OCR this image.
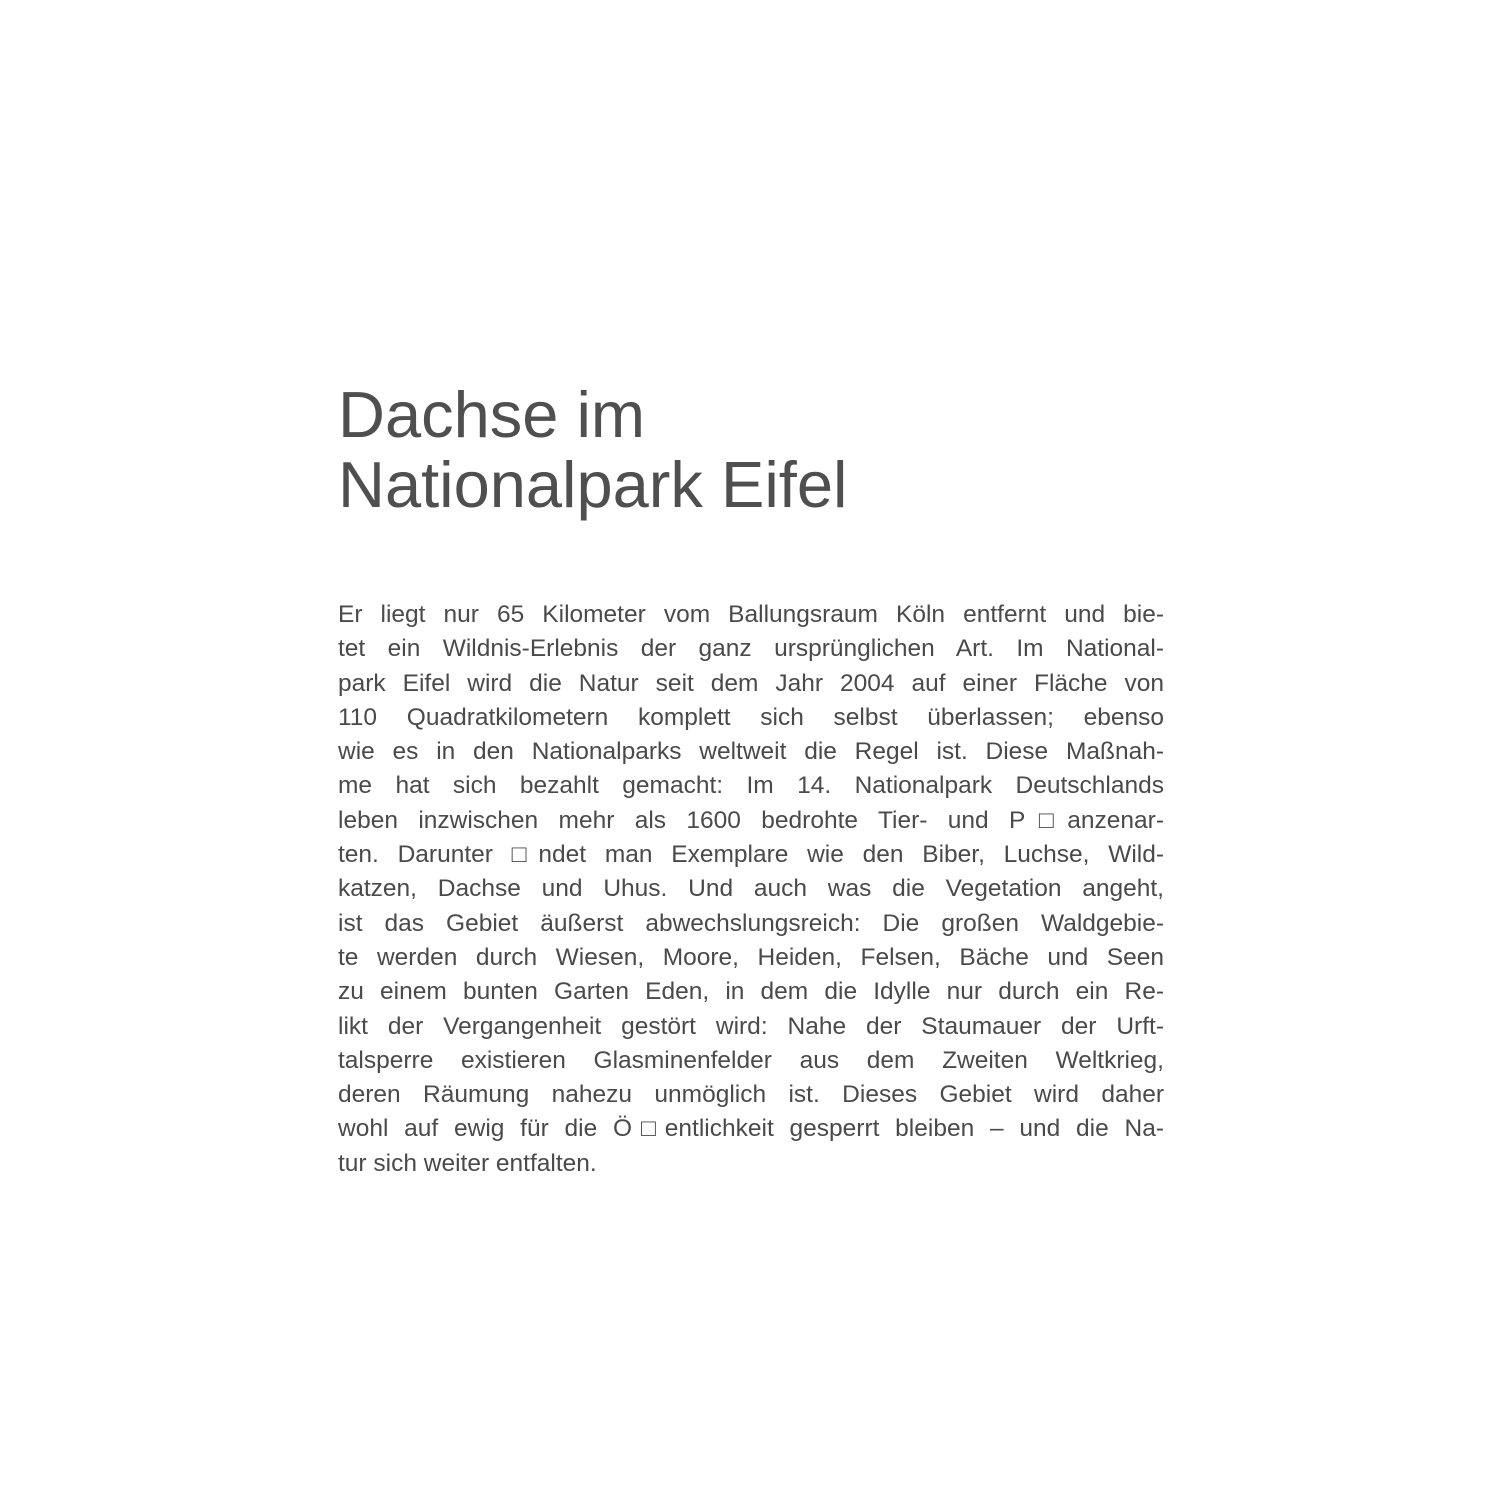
Dachse im
Nationalpark Eifel
Er liegt nur 65 Kilometer vom Ballungsraum Köln entfernt und bie-
tet ein Wildnis-Erlebnis der ganz ursprünglichen Art. Im National-
park Eifel wird die Natur seit dem Jahr 2004 auf einer Fläche von
110 Quadratkilometern komplett sich selbst überlassen; ebenso
wie es in den Nationalparks weltweit die Regel ist. Diese Maßnah-
me hat sich bezahlt gemacht: Im 14. Nationalpark Deutschlands
leben inzwischen mehr als 1600 bedrohte Tier- und P□anzenar-
ten. Darunter □ndet man Exemplare wie den Biber, Luchse, Wild-
katzen, Dachse und Uhus. Und auch was die Vegetation angeht,
ist das Gebiet äußerst abwechslungsreich: Die großen Waldgebie-
te werden durch Wiesen, Moore, Heiden, Felsen, Bäche und Seen
zu einem bunten Garten Eden, in dem die Idylle nur durch ein Re-
likt der Vergangenheit gestört wird: Nahe der Staumauer der Urft-
talsperre existieren Glasminenfelder aus dem Zweiten Weltkrieg,
deren Räumung nahezu unmöglich ist. Dieses Gebiet wird daher
wohl auf ewig für die Ö□entlichkeit gesperrt bleiben – und die Na-
tur sich weiter entfalten.
